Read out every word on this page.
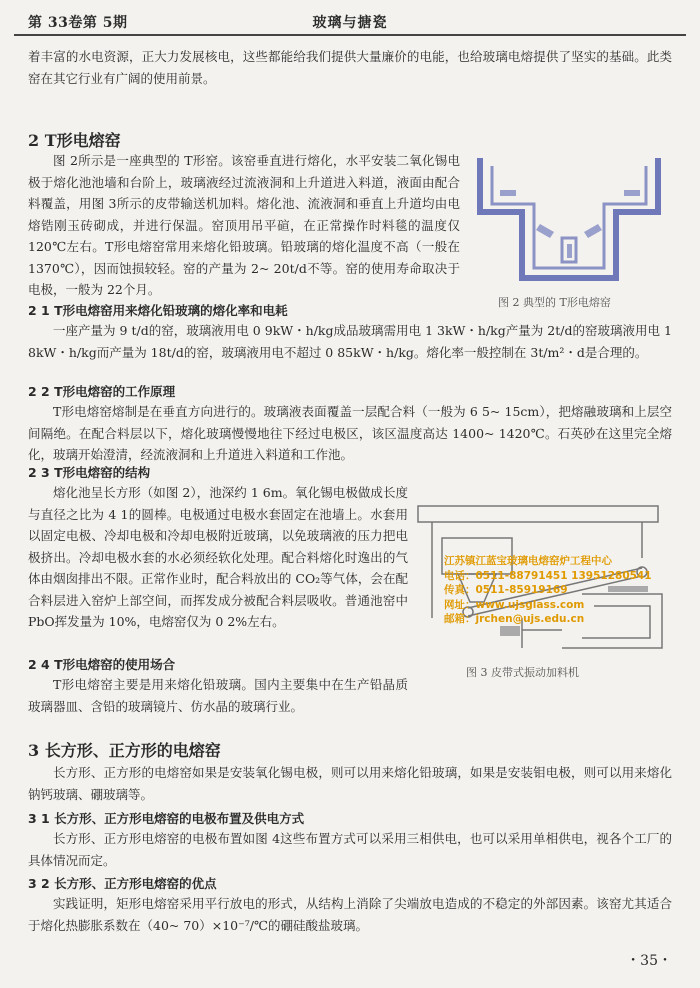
第 33卷第 5期	玻璃与搪瓷
着丰富的水电资源，正大力发展核电，这些都能给我们提供大量廉价的电能，也给玻璃电熔提供了坚实的基础。此类窑在其它行业有广阔的使用前景。
2 T形电熔窑
图 2所示是一座典型的 T形窑。该窑垂直进行熔化，水平安装二氧化锡电极于熔化池池墙和台阶上，玻璃液经过流液洞和上升道进入料道，液面由配合料覆盖，用图 3所示的皮带输送机加料。熔化池、流液洞和垂直上升道均由电熔锆刚玉砖砌成，并进行保温。窑顶用吊平碹，在正常操作时料毯的温度仅 120℃左右。T形电熔窑常用来熔化铅玻璃。铅玻璃的熔化温度不高（一般在 1370℃），因而蚀损较轻。窑的产量为 2~ 20t/d不等。窑的使用寿命取决于电极，一般为 22个月。
图 2 典型的 T形电熔窑
2 1 T形电熔窑用来熔化铅玻璃的熔化率和电耗
一座产量为 9 t/d的窑，玻璃液用电 0 9kW・h/kg成品玻璃需用电 1 3kW・h/kg产量为 2t/d的窑玻璃液用电 1 8kW・h/kg而产量为 18t/d的窑，玻璃液用电不超过 0 85kW・h/kg。熔化率一般控制在 3t/m²・d是合理的。
2 2 T形电熔窑的工作原理
T形电熔窑熔制是在垂直方向进行的。玻璃液表面覆盖一层配合料（一般为 6 5~ 15cm），把熔融玻璃和上层空间隔绝。在配合料层以下，熔化玻璃慢慢地往下经过电极区，该区温度高达 1400~ 1420℃。石英砂在这里完全熔化，玻璃开始澄清，经流液洞和上升道进入料道和工作池。
2 3 T形电熔窑的结构
熔化池呈长方形（如图 2），池深约 1 6m。氧化锡电极做成长度与直径之比为 4 1的圆棒。电极通过电极水套固定在池墙上。水套用以固定电极、冷却电极和冷却电极附近玻璃，以免玻璃液的压力把电极挤出。冷却电极水套的水必须经软化处理。配合料熔化时逸出的气体由烟囱排出不限。正常作业时，配合料放出的 CO₂等气体，会在配合料层进入窑炉上部空间，而挥发成分被配合料层吸收。普通池窑中 PbO挥发量为 10%，电熔窑仅为 0 2%左右。
图 3 皮带式振动加料机
江苏镇江蓝宝玻璃电熔窑炉工程中心
电话：0511-88791451 13951280541
传真：0511-85919169
网址：www.ujsglass.com
邮箱：jrchen@ujs.edu.cn
2 4 T形电熔窑的使用场合
T形电熔窑主要是用来熔化铅玻璃。国内主要集中在生产铅晶质玻璃器皿、含铅的玻璃镜片、仿水晶的玻璃行业。
3 长方形、正方形的电熔窑
长方形、正方形的电熔窑如果是安装氧化锡电极，则可以用来熔化铅玻璃，如果是安装钼电极，则可以用来熔化钠钙玻璃、硼玻璃等。
3 1 长方形、正方形电熔窑的电极布置及供电方式
长方形、正方形电熔窑的电极布置如图 4这些布置方式可以采用三相供电，也可以采用单相供电，视各个工厂的具体情况而定。
3 2 长方形、正方形电熔窑的优点
实践证明，矩形电熔窑采用平行放电的形式，从结构上消除了尖端放电造成的不稳定的外部因素。该窑尤其适合于熔化热膨胀系数在（40~ 70）×10⁻⁷/℃的硼硅酸盐玻璃。
・35・
